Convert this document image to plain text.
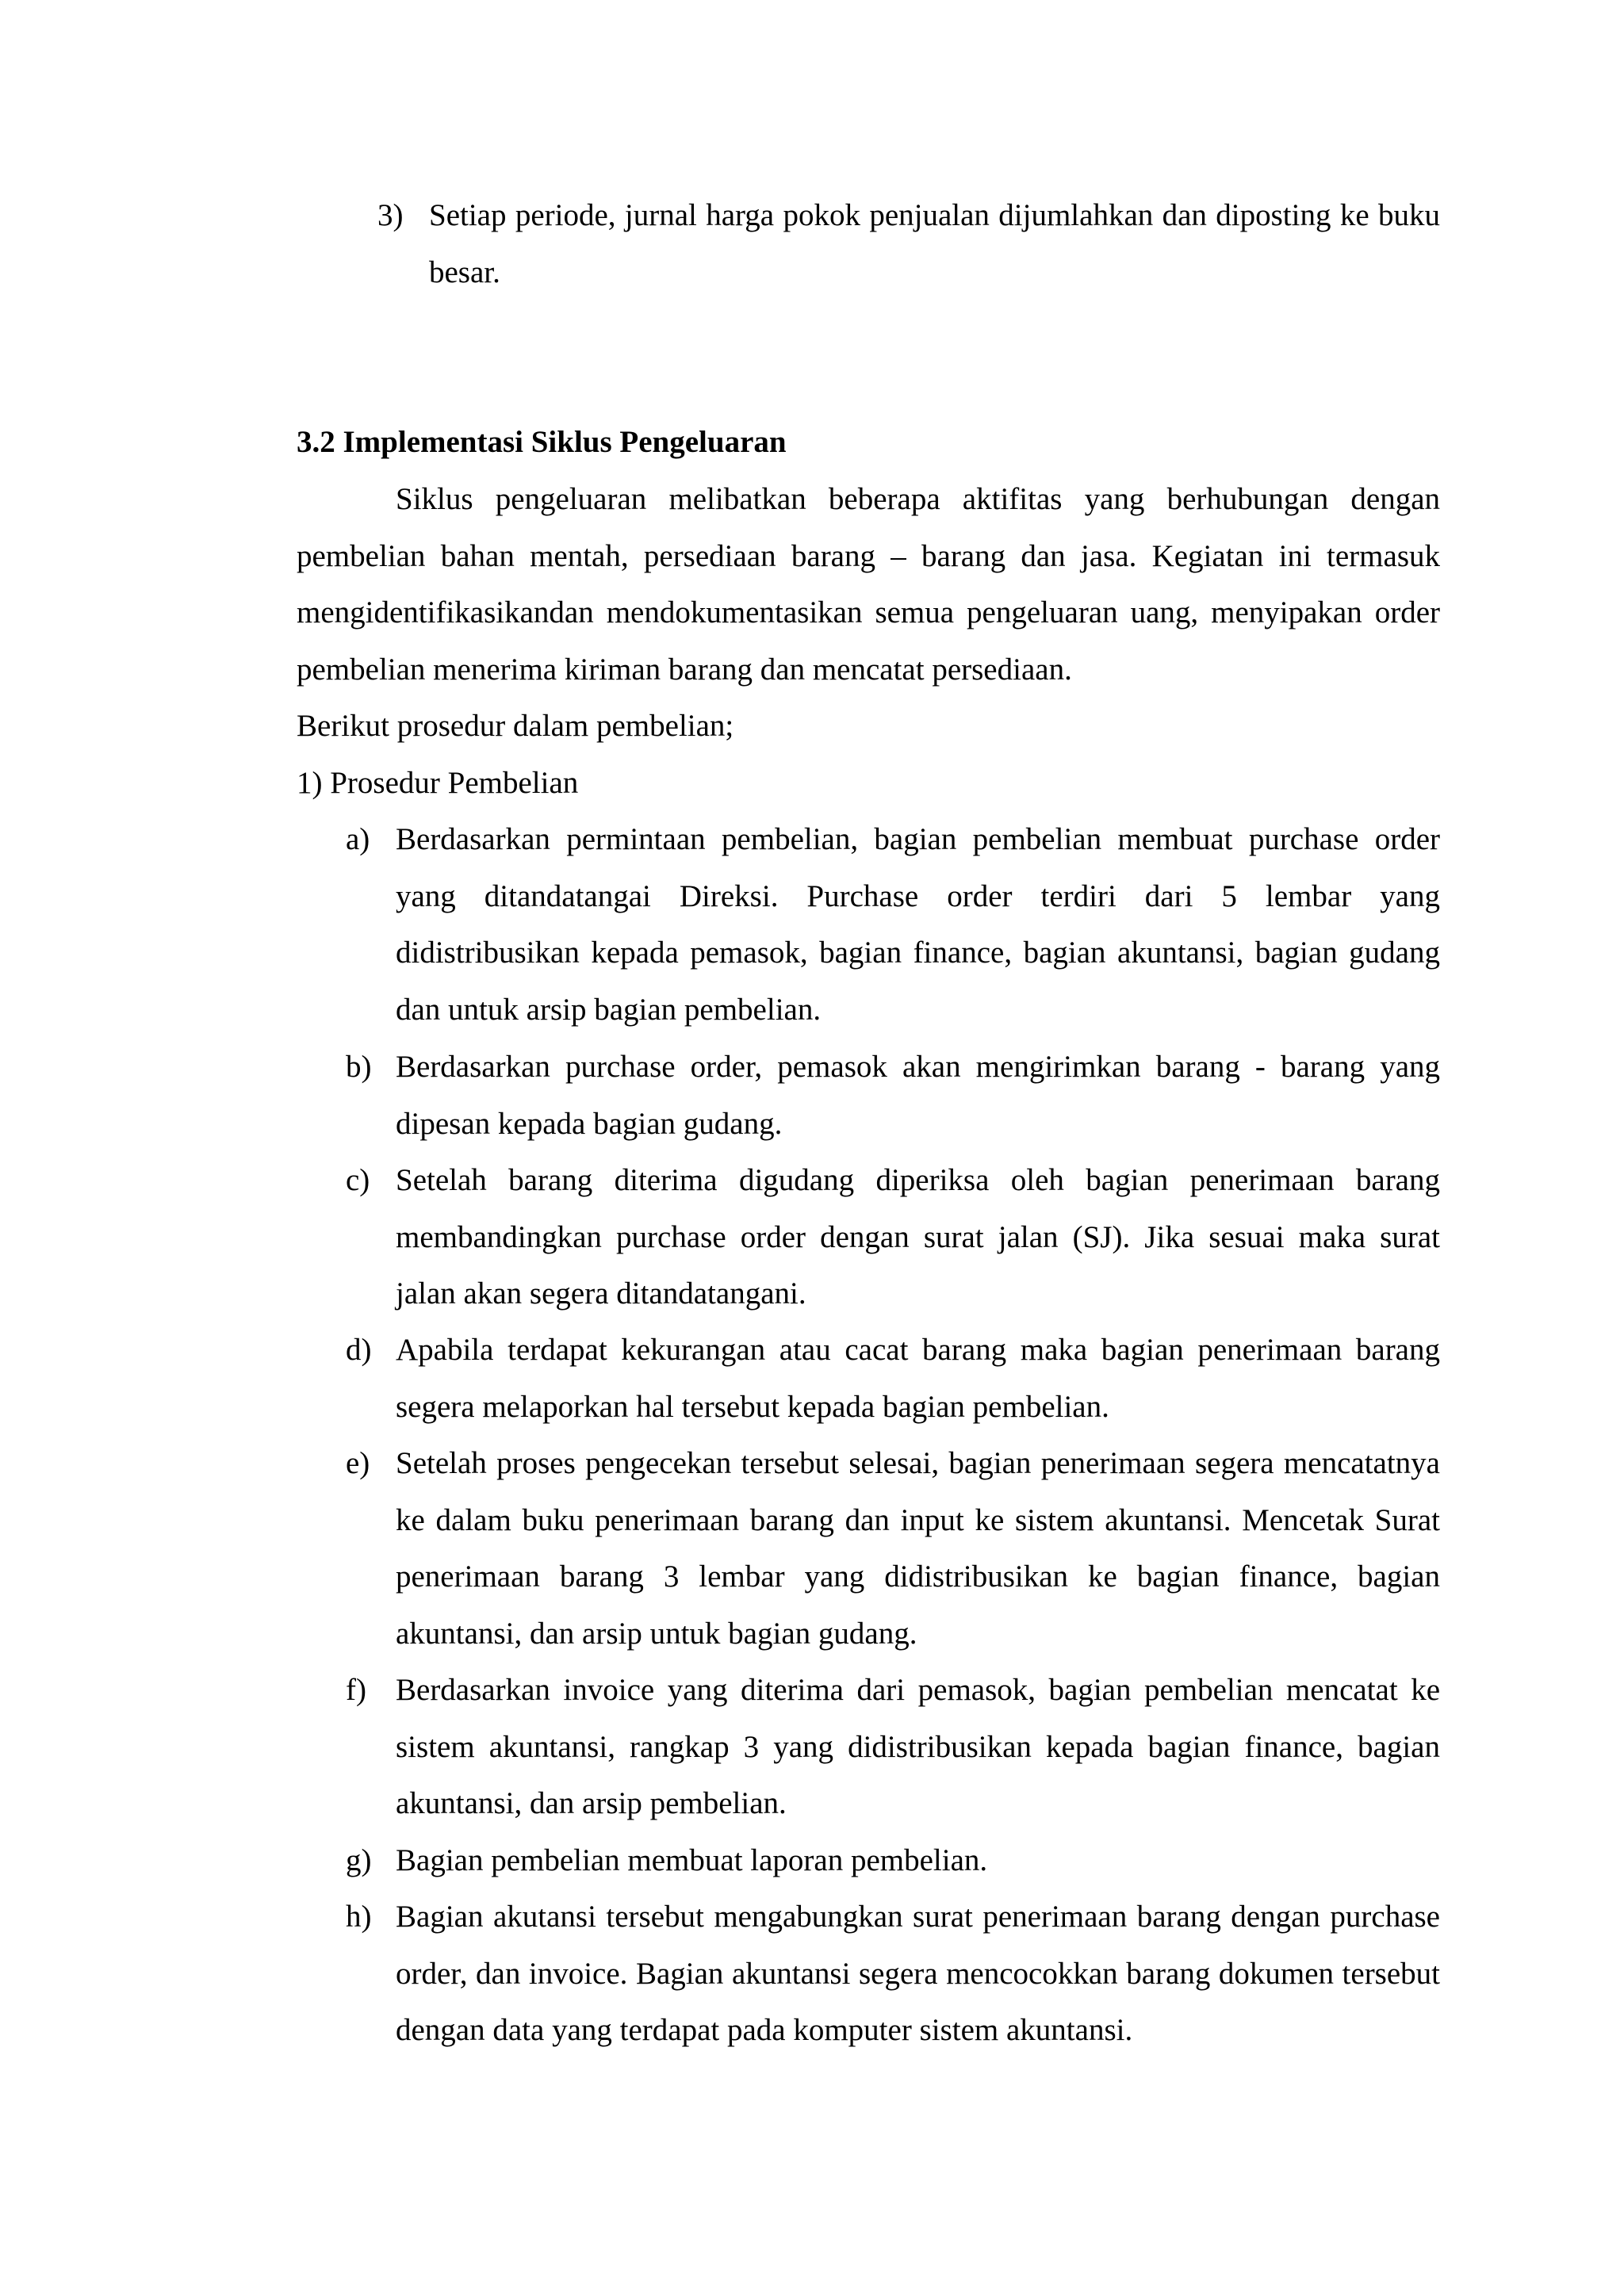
3) Setiap periode, jurnal harga pokok penjualan dijumlahkan dan diposting ke buku besar.

3.2 Implementasi Siklus Pengeluaran

Siklus pengeluaran melibatkan beberapa aktifitas yang berhubungan dengan pembelian bahan mentah, persediaan barang – barang dan jasa. Kegiatan ini termasuk mengidentifikasikandan mendokumentasikan semua pengeluaran uang, menyipakan order pembelian menerima kiriman barang dan mencatat persediaan.

Berikut prosedur dalam pembelian;

1) Prosedur Pembelian

a) Berdasarkan permintaan pembelian, bagian pembelian membuat purchase order yang ditandatangai Direksi. Purchase order terdiri dari 5 lembar yang didistribusikan kepada pemasok, bagian finance, bagian akuntansi, bagian gudang dan untuk arsip bagian pembelian.

b) Berdasarkan purchase order, pemasok akan mengirimkan barang - barang yang dipesan kepada bagian gudang.

c) Setelah barang diterima digudang diperiksa oleh bagian penerimaan barang membandingkan purchase order dengan surat jalan (SJ). Jika sesuai maka surat jalan akan segera ditandatangani.

d) Apabila terdapat kekurangan atau cacat barang maka bagian penerimaan barang segera melaporkan hal tersebut kepada bagian pembelian.

e) Setelah proses pengecekan tersebut selesai, bagian penerimaan segera mencatatnya ke dalam buku penerimaan barang dan input ke sistem akuntansi. Mencetak Surat penerimaan barang 3 lembar yang didistribusikan ke bagian finance, bagian akuntansi, dan arsip untuk bagian gudang.

f) Berdasarkan invoice yang diterima dari pemasok, bagian pembelian mencatat ke sistem akuntansi, rangkap 3 yang didistribusikan kepada bagian finance, bagian akuntansi, dan arsip pembelian.

g) Bagian pembelian membuat laporan pembelian.

h) Bagian akutansi tersebut mengabungkan surat penerimaan barang dengan purchase order, dan invoice. Bagian akuntansi segera mencocokkan barang dokumen tersebut dengan data yang terdapat pada komputer sistem akuntansi.
